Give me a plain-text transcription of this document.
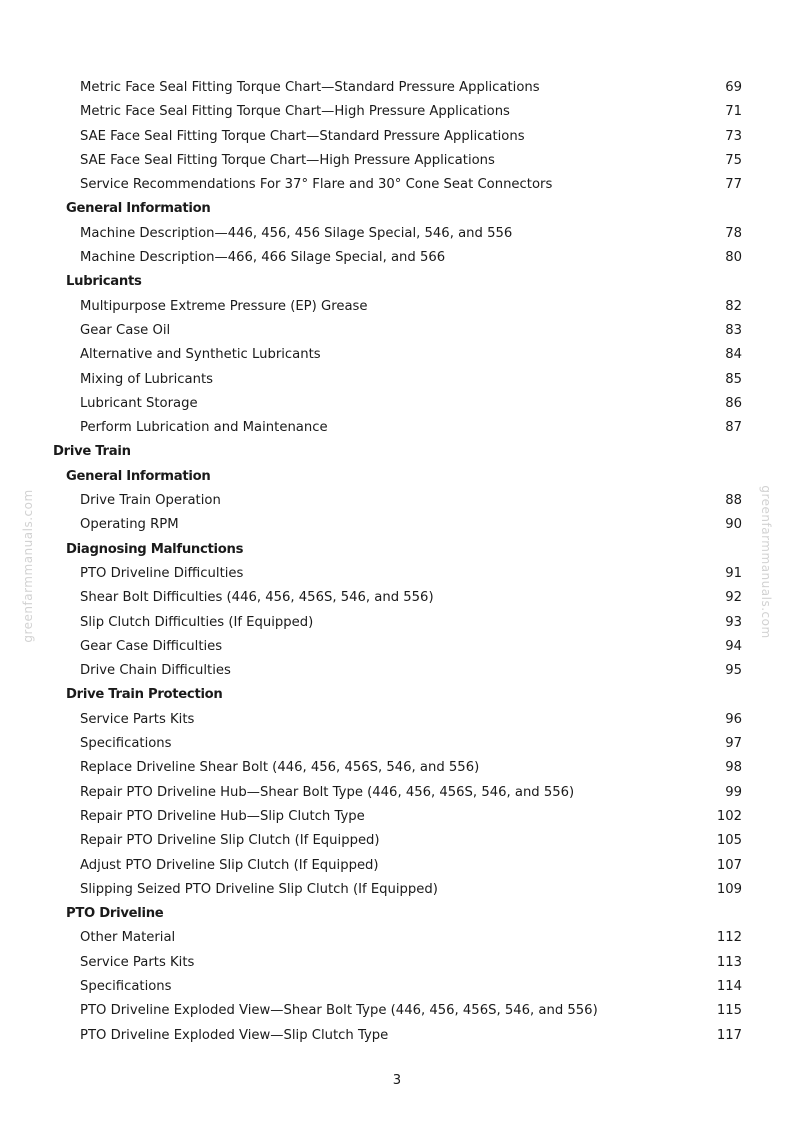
Metric Face Seal Fitting Torque Chart—Standard Pressure Applications	69
Metric Face Seal Fitting Torque Chart—High Pressure Applications	71
SAE Face Seal Fitting Torque Chart—Standard Pressure Applications	73
SAE Face Seal Fitting Torque Chart—High Pressure Applications	75
Service Recommendations For 37° Flare and 30° Cone Seat Connectors	77
General Information
Machine Description—446, 456, 456 Silage Special, 546, and 556	78
Machine Description—466, 466 Silage Special, and 566	80
Lubricants
Multipurpose Extreme Pressure (EP) Grease	82
Gear Case Oil	83
Alternative and Synthetic Lubricants	84
Mixing of Lubricants	85
Lubricant Storage	86
Perform Lubrication and Maintenance	87
Drive Train
General Information
Drive Train Operation	88
Operating RPM	90
Diagnosing Malfunctions
PTO Driveline Difficulties	91
Shear Bolt Difficulties (446, 456, 456S, 546, and 556)	92
Slip Clutch Difficulties (If Equipped)	93
Gear Case Difficulties	94
Drive Chain Difficulties	95
Drive Train Protection
Service Parts Kits	96
Specifications	97
Replace Driveline Shear Bolt (446, 456, 456S, 546, and 556)	98
Repair PTO Driveline Hub—Shear Bolt Type (446, 456, 456S, 546, and 556)	99
Repair PTO Driveline Hub—Slip Clutch Type	102
Repair PTO Driveline Slip Clutch (If Equipped)	105
Adjust PTO Driveline Slip Clutch (If Equipped)	107
Slipping Seized PTO Driveline Slip Clutch (If Equipped)	109
PTO Driveline
Other Material	112
Service Parts Kits	113
Specifications	114
PTO Driveline Exploded View—Shear Bolt Type (446, 456, 456S, 546, and 556)	115
PTO Driveline Exploded View—Slip Clutch Type	117
greenfarmmanuals.com	greenfarmmanuals.com
3
